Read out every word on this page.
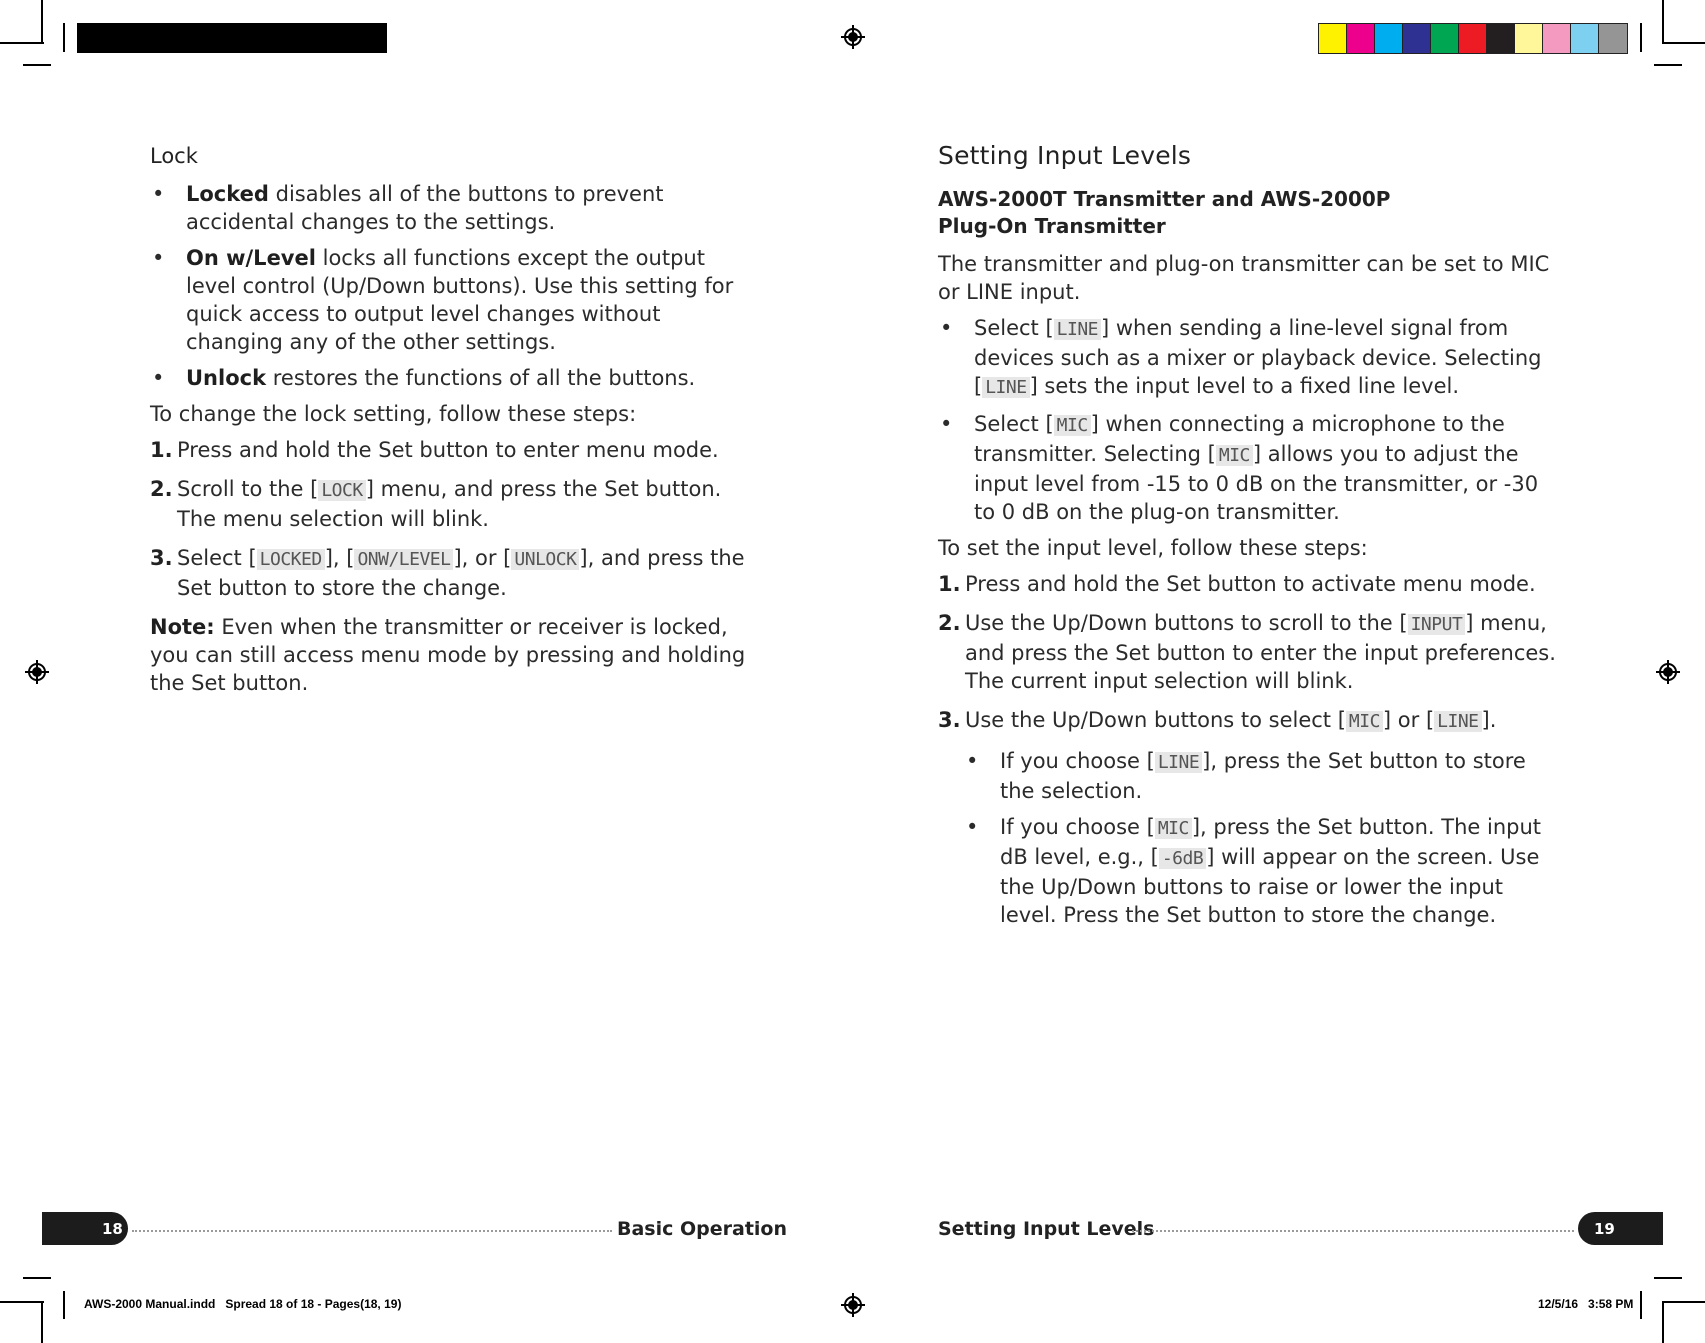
Lock
• Locked disables all of the buttons to prevent accidental changes to the settings.
• On w/Level locks all functions except the output level control (Up/Down buttons). Use this setting for quick access to output level changes without changing any of the other settings.
• Unlock restores the functions of all the buttons.

To change the lock setting, follow these steps:

1. Press and hold the Set button to enter menu mode.
2. Scroll to the [ LOCK ] menu, and press the Set button. The menu selection will blink.
3. Select [ LOCKED ], [ ONW/LEVEL ], or [ UNLOCK ], and press the Set button to store the change.

Note: Even when the transmitter or receiver is locked, you can still access menu mode by pressing and holding the Set button.

Setting Input Levels
AWS-2000T Transmitter and AWS-2000P
Plug-On Transmitter

The transmitter and plug-on transmitter can be set to MIC or LINE input.

• Select [ LINE ] when sending a line-level signal from devices such as a mixer or playback device. Selecting [ LINE ] sets the input level to a fixed line level.
• Select [ MIC ] when connecting a microphone to the transmitter. Selecting [ MIC ] allows you to adjust the input level from -15 to 0 dB on the transmitter, or -30 to 0 dB on the plug-on transmitter.

To set the input level, follow these steps:

1. Press and hold the Set button to activate menu mode.
2. Use the Up/Down buttons to scroll to the [ INPUT ] menu, and press the Set button to enter the input preferences. The current input selection will blink.
3. Use the Up/Down buttons to select [ MIC ] or [ LINE ].
• If you choose [ LINE ], press the Set button to store the selection.
• If you choose [ MIC ], press the Set button. The input dB level, e.g., [ -6dB ] will appear on the screen. Use the Up/Down buttons to raise or lower the input level. Press the Set button to store the change.
18	Basic Operation	Setting Input Levels	19
AWS-2000 Manual.indd   Spread 18 of 18 - Pages(18, 19)	12/5/16   3:58 PM
